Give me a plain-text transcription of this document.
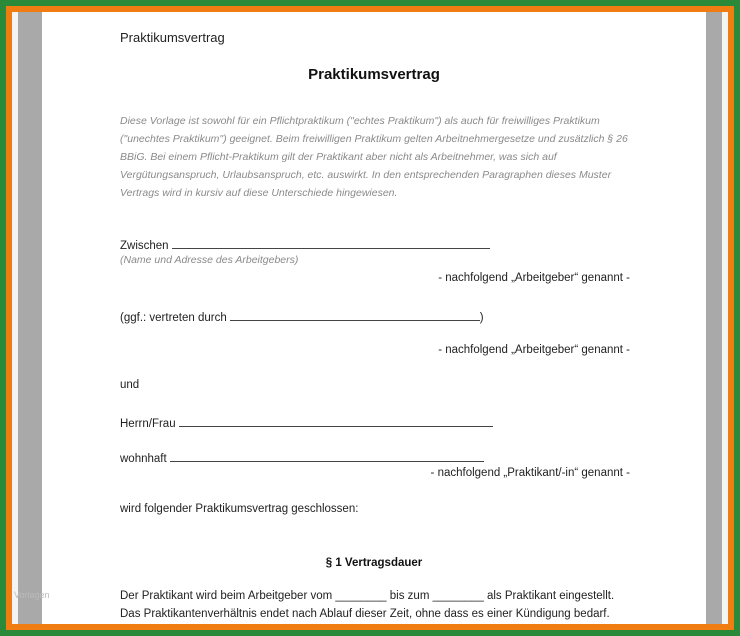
Praktikumsvertrag
Praktikumsvertrag
Diese Vorlage ist sowohl für ein Pflichtpraktikum ("echtes Praktikum") als auch für freiwilliges Praktikum ("unechtes Praktikum") geeignet. Beim freiwilligen Praktikum gelten Arbeitnehmergesetze und zusätzlich § 26 BBiG. Bei einem Pflicht-Praktikum gilt der Praktikant aber nicht als Arbeitnehmer, was sich auf Vergütungsanspruch, Urlaubsanspruch, etc. auswirkt. In den entsprechenden Paragraphen dieses Muster Vertrags wird in kursiv auf diese Unterschiede hingewiesen.
Zwischen
(Name und Adresse des Arbeitgebers)
- nachfolgend „Arbeitgeber“ genannt -
(ggf.: vertreten durch	)
- nachfolgend „Arbeitgeber“ genannt -
und
Herrn/Frau
wohnhaft
- nachfolgend „Praktikant/-in“ genannt -
wird folgender Praktikumsvertrag geschlossen:
§ 1 Vertragsdauer
Der Praktikant wird beim Arbeitgeber vom ________ bis zum ________ als Praktikant eingestellt.
Das Praktikantenverhältnis endet nach Ablauf dieser Zeit, ohne dass es einer Kündigung bedarf.
Vorlagen
